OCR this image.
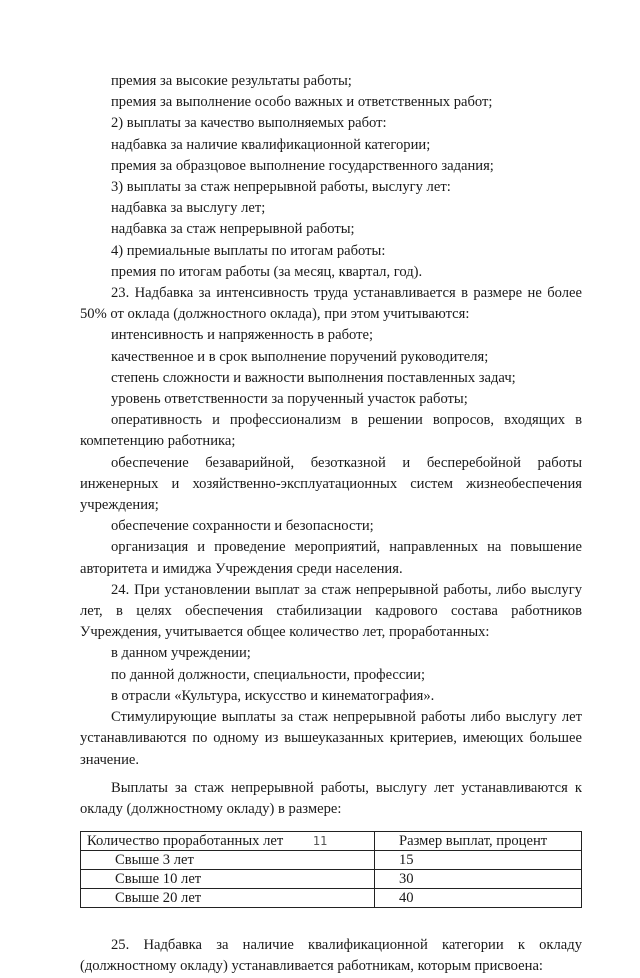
премия за высокие результаты работы;

премия за выполнение особо важных и ответственных работ;

2) выплаты за качество выполняемых работ:

надбавка за наличие квалификационной категории;

премия за образцовое выполнение государственного задания;

3) выплаты за стаж непрерывной работы, выслугу лет:

надбавка за выслугу лет;

надбавка за стаж непрерывной работы;

4) премиальные выплаты по итогам работы:

премия по итогам работы (за месяц, квартал, год).

23. Надбавка за интенсивность труда устанавливается в размере не более 50% от оклада (должностного оклада), при этом учитываются:

интенсивность и напряженность в работе;

качественное и в срок выполнение поручений руководителя;

степень сложности и важности выполнения поставленных задач;

уровень ответственности за порученный участок работы;

оперативность и профессионализм в решении вопросов, входящих в компетенцию работника;

обеспечение безаварийной, безотказной и бесперебойной работы инженерных и хозяйственно-эксплуатационных систем жизнеобеспечения учреждения;

обеспечение сохранности и безопасности;

организация и проведение мероприятий, направленных на повышение авторитета и имиджа Учреждения среди населения.

24. При установлении выплат за стаж непрерывной работы, либо выслугу лет, в целях обеспечения стабилизации кадрового состава работников Учреждения, учитывается общее количество лет, проработанных:

в данном учреждении;

по данной должности, специальности, профессии;

в отрасли «Культура, искусство и кинематография».

Стимулирующие выплаты за стаж непрерывной работы либо выслугу лет устанавливаются по одному из вышеуказанных критериев, имеющих большее значение.

Выплаты за стаж непрерывной работы, выслугу лет устанавливаются к окладу (должностному окладу) в размере:

Количество проработанных лет	Размер выплат, процент
Свыше 3 лет	15
Свыше 10 лет	30
Свыше 20 лет	40

25. Надбавка за наличие квалификационной категории к окладу (должностному окладу) устанавливается работникам, которым присвоена:

11
